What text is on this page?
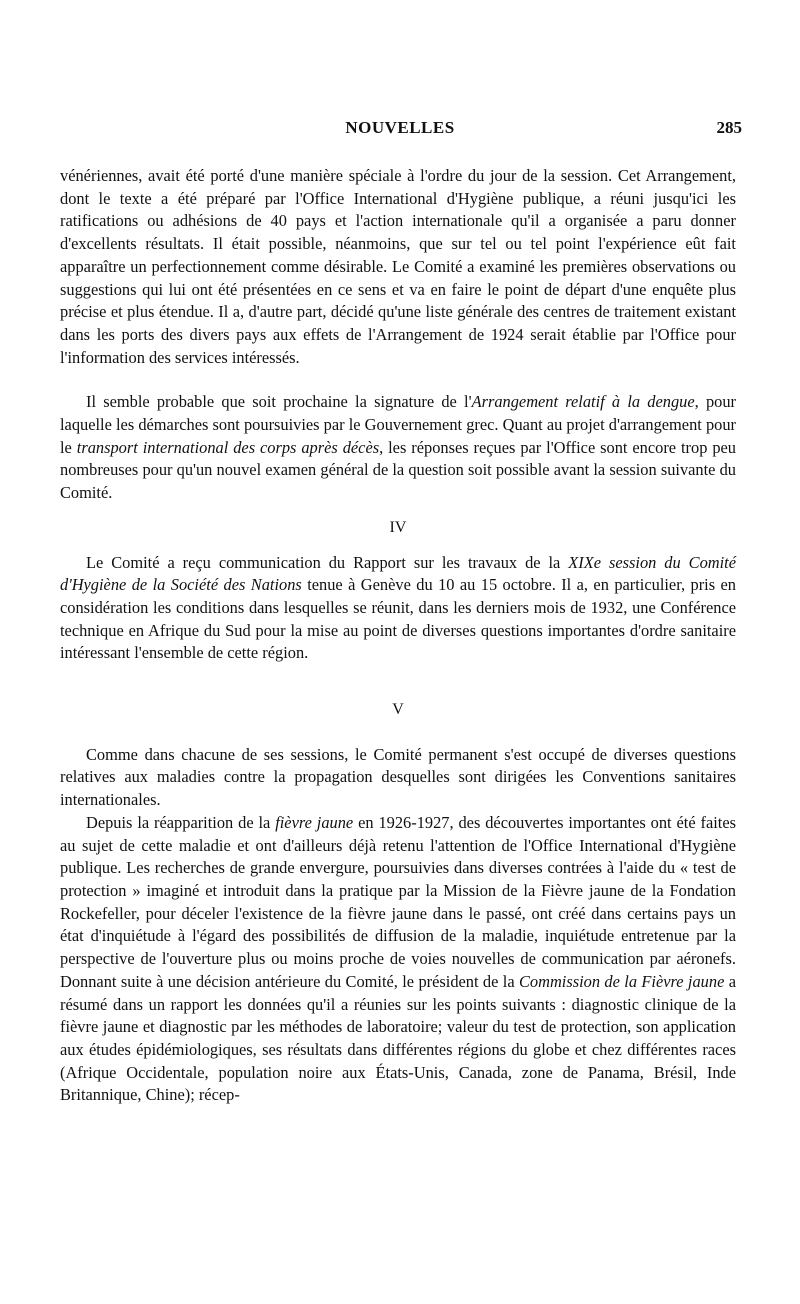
NOUVELLES	285

vénériennes, avait été porté d'une manière spéciale à l'ordre du jour de la session. Cet Arrangement, dont le texte a été préparé par l'Office International d'Hygiène publique, a réuni jusqu'ici les ratifications ou adhésions de 40 pays et l'action internationale qu'il a organisée a paru donner d'excellents résultats. Il était possible, néanmoins, que sur tel ou tel point l'expérience eût fait apparaître un perfectionnement comme désirable. Le Comité a examiné les premières observations ou suggestions qui lui ont été présentées en ce sens et va en faire le point de départ d'une enquête plus précise et plus étendue. Il a, d'autre part, décidé qu'une liste générale des centres de traitement existant dans les ports des divers pays aux effets de l'Arrangement de 1924 serait établie par l'Office pour l'information des services intéressés.

Il semble probable que soit prochaine la signature de l'Arrangement relatif à la dengue, pour laquelle les démarches sont poursuivies par le Gouvernement grec. Quant au projet d'arrangement pour le transport international des corps après décès, les réponses reçues par l'Office sont encore trop peu nombreuses pour qu'un nouvel examen général de la question soit possible avant la session suivante du Comité.

IV

Le Comité a reçu communication du Rapport sur les travaux de la XIXe session du Comité d'Hygiène de la Société des Nations tenue à Genève du 10 au 15 octobre. Il a, en particulier, pris en considération les conditions dans lesquelles se réunit, dans les derniers mois de 1932, une Conférence technique en Afrique du Sud pour la mise au point de diverses questions importantes d'ordre sanitaire intéressant l'ensemble de cette région.

V

Comme dans chacune de ses sessions, le Comité permanent s'est occupé de diverses questions relatives aux maladies contre la propagation desquelles sont dirigées les Conventions sanitaires internationales.

Depuis la réapparition de la fièvre jaune en 1926-1927, des découvertes importantes ont été faites au sujet de cette maladie et ont d'ailleurs déjà retenu l'attention de l'Office International d'Hygiène publique. Les recherches de grande envergure, poursuivies dans diverses contrées à l'aide du « test de protection » imaginé et introduit dans la pratique par la Mission de la Fièvre jaune de la Fondation Rockefeller, pour déceler l'existence de la fièvre jaune dans le passé, ont créé dans certains pays un état d'inquiétude à l'égard des possibilités de diffusion de la maladie, inquiétude entretenue par la perspective de l'ouverture plus ou moins proche de voies nouvelles de communication par aéronefs. Donnant suite à une décision antérieure du Comité, le président de la Commission de la Fièvre jaune a résumé dans un rapport les données qu'il a réunies sur les points suivants : diagnostic clinique de la fièvre jaune et diagnostic par les méthodes de laboratoire; valeur du test de protection, son application aux études épidémiologiques, ses résultats dans différentes régions du globe et chez différentes races (Afrique Occidentale, population noire aux États-Unis, Canada, zone de Panama, Brésil, Inde Britannique, Chine); récep-
